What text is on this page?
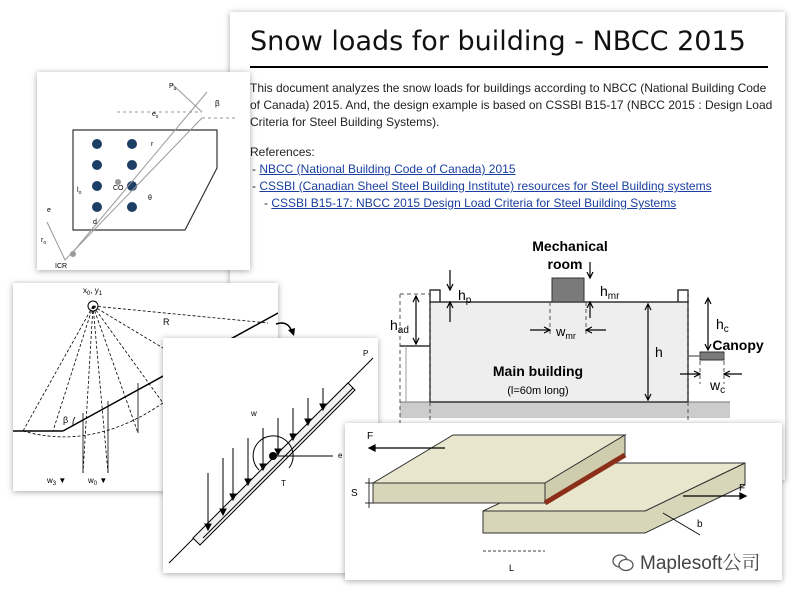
Snow loads for building - NBCC 2015
This document analyzes the snow loads for buildings according to NBCC (National Building Code of Canada) 2015. And, the design example is based on CSSBI B15-17 (NBCC 2015 : Design Load Criteria for Steel Building Systems).
References:
- NBCC (National Building Code of Canada) 2015
- CSSBI (Canadian Sheel Steel Building Institute) resources for Steel Building systems
- CSSBI B15-17: NBCC 2015 Design Load Criteria for Steel Building Systems
Mechanical
room
$h_p$
$h_{mr}$
$h_{ad}$	$w_{mr}$
h
$h_c$
Canopy
$w_c$
Main building
(l=60m long)
CO
ICR
$r_o$
$l_o$
$e_x$
$P_u$
β
r
d
θ
e
$x_0$, $y_1$
R
β
$w_3$ ▼	$w_0$ ▼
P
w
T
e
F
F
S
b
L	Maplesoft公司
